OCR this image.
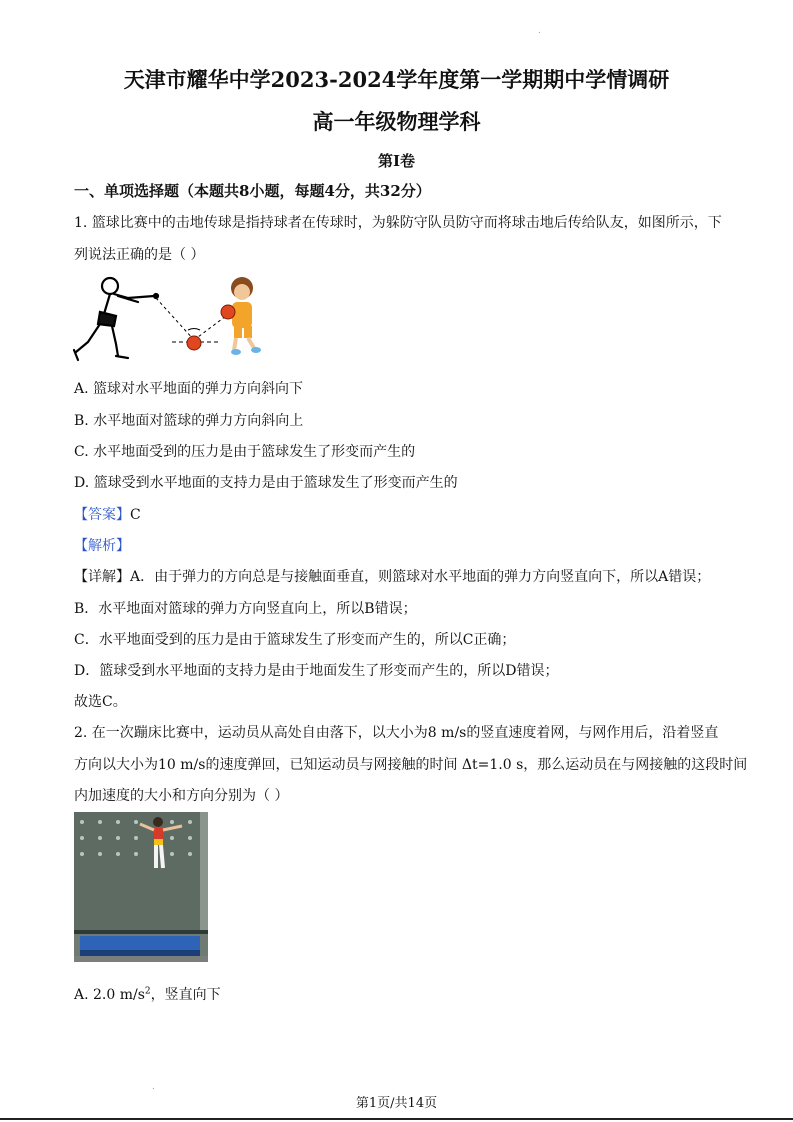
.
天津市耀华中学2023-2024学年度第一学期期中学情调研
高一年级物理学科
第I卷
一、单项选择题（本题共8小题，每题4分，共32分）
1. 篮球比赛中的击地传球是指持球者在传球时，为躲防守队员防守而将球击地后传给队友，如图所示，下
列说法正确的是（ ）
A. 篮球对水平地面的弹力方向斜向下
B. 水平地面对篮球的弹力方向斜向上
C. 水平地面受到的压力是由于篮球发生了形变而产生的
D. 篮球受到水平地面的支持力是由于篮球发生了形变而产生的
【答案】C
【解析】
【详解】A．由于弹力的方向总是与接触面垂直，则篮球对水平地面的弹力方向竖直向下，所以A错误；
B．水平地面对篮球的弹力方向竖直向上，所以B错误；
C．水平地面受到的压力是由于篮球发生了形变而产生的，所以C正确；
D．篮球受到水平地面的支持力是由于地面发生了形变而产生的，所以D错误；
故选C。
2. 在一次蹦床比赛中，运动员从高处自由落下，以大小为8 m/s的竖直速度着网，与网作用后，沿着竖直
方向以大小为10 m/s的速度弹回，已知运动员与网接触的时间 Δt=1.0 s，那么运动员在与网接触的这段时间
内加速度的大小和方向分别为（ ）
A. 2.0 $m/s^2$，竖直向下
.
第1页/共14页
